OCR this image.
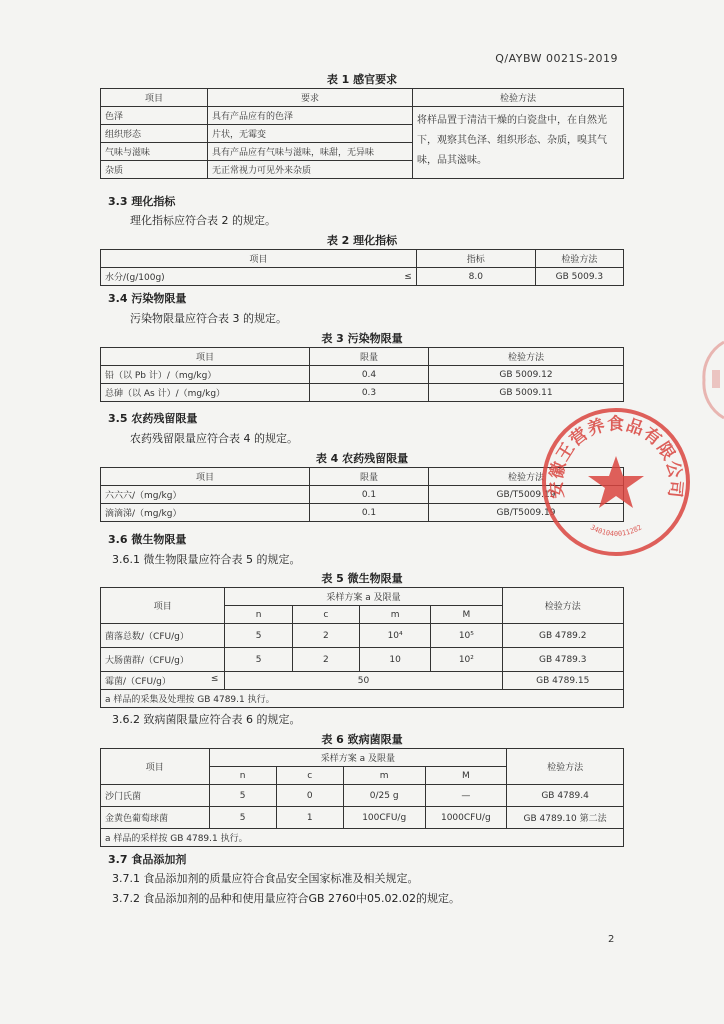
Q/AYBW 0021S-2019
表 1 感官要求
项目	要求	检验方法
色泽	具有产品应有的色泽	将样品置于清洁干燥的白瓷盘中，在自然光下，观察其色泽、组织形态、杂质，嗅其气味，品其滋味。
组织形态	片状，无霉变	
气味与滋味	具有产品应有气味与滋味，味甜，无异味	
杂质	无正常视力可见外来杂质	
3.3 理化指标
理化指标应符合表 2 的规定。
表 2 理化指标
项目		指标	检验方法
水分/(g/100g)	≤	8.0	GB 5009.3
3.4 污染物限量
污染物限量应符合表 3 的规定。
表 3 污染物限量
项目	限量	检验方法
铅（以 Pb 计）/（mg/kg）	0.4	GB 5009.12
总砷（以 As 计）/（mg/kg）	0.3	GB 5009.11
3.5 农药残留限量
农药残留限量应符合表 4 的规定。
表 4 农药残留限量
项目	限量	检验方法
六六六/（mg/kg）	0.1	GB/T5009.19
滴滴涕/（mg/kg）	0.1	GB/T5009.19
3.6 微生物限量
3.6.1 微生物限量应符合表 5 的规定。
表 5 微生物限量
项目	采样方案 a 及限量				检验方法
	n	c	m	M	
菌落总数/（CFU/g）	5	2	10⁴	10⁵	GB 4789.2
大肠菌群/（CFU/g）	5	2	10	10²	GB 4789.3
霉菌/（CFU/g） ≤	50				GB 4789.15
a 样品的采集及处理按 GB 4789.1 执行。					
3.6.2 致病菌限量应符合表 6 的规定。
表 6 致病菌限量
项目	采样方案 a 及限量				检验方法
	n	c	m	M	
沙门氏菌	5	0	0/25 g	—	GB 4789.4
金黄色葡萄球菌	5	1	100CFU/g	1000CFU/g	GB 4789.10 第二法
a 样品的采样按 GB 4789.1 执行。					
3.7 食品添加剂
3.7.1 食品添加剂的质量应符合食品安全国家标准及相关规定。
3.7.2 食品添加剂的品种和使用量应符合GB 2760中05.02.02的规定。
2
安徽王营养食品有限公司
3401040011282
